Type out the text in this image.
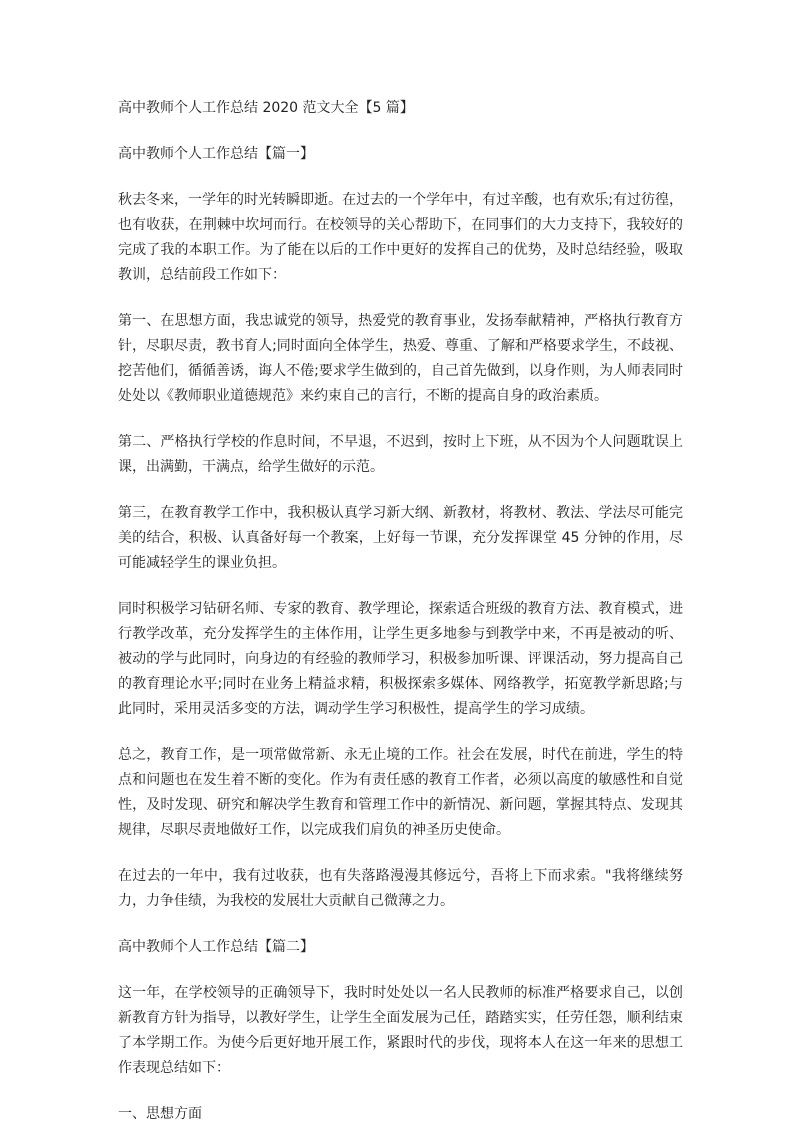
高中教师个人工作总结 2020 范文大全【5 篇】
高中教师个人工作总结【篇一】

秋去冬来，一学年的时光转瞬即逝。在过去的一个学年中，有过辛酸，也有欢乐;有过彷徨，也有收获，在荆棘中坎坷而行。在校领导的关心帮助下，在同事们的大力支持下，我较好的完成了我的本职工作。为了能在以后的工作中更好的发挥自己的优势，及时总结经验，吸取教训，总结前段工作如下：

第一、在思想方面，我忠诚党的领导，热爱党的教育事业，发扬奉献精神，严格执行教育方针，尽职尽责，教书育人;同时面向全体学生，热爱、尊重、了解和严格要求学生，不歧视、挖苦他们，循循善诱，诲人不倦;要求学生做到的，自己首先做到，以身作则，为人师表同时处处以《教师职业道德规范》来约束自己的言行，不断的提高自身的政治素质。

第二、严格执行学校的作息时间，不早退，不迟到，按时上下班，从不因为个人问题耽误上课，出满勤，干满点，给学生做好的示范。

第三，在教育教学工作中，我积极认真学习新大纲、新教材，将教材、教法、学法尽可能完美的结合，积极、认真备好每一个教案，上好每一节课，充分发挥课堂 45 分钟的作用，尽可能减轻学生的课业负担。

同时积极学习钻研名师、专家的教育、教学理论，探索适合班级的教育方法、教育模式，进行教学改革，充分发挥学生的主体作用，让学生更多地参与到教学中来，不再是被动的听、被动的学与此同时，向身边的有经验的教师学习，积极参加听课、评课活动，努力提高自己的教育理论水平;同时在业务上精益求精，积极探索多媒体、网络教学，拓宽教学新思路;与此同时，采用灵活多变的方法，调动学生学习积极性，提高学生的学习成绩。

总之，教育工作，是一项常做常新、永无止境的工作。社会在发展，时代在前进，学生的特点和问题也在发生着不断的变化。作为有责任感的教育工作者，必须以高度的敏感性和自觉性，及时发现、研究和解决学生教育和管理工作中的新情况、新问题，掌握其特点、发现其规律，尽职尽责地做好工作，以完成我们肩负的神圣历史使命。

在过去的一年中，我有过收获，也有失落路漫漫其修远兮，吾将上下而求索。"我将继续努力，力争佳绩，为我校的发展壮大贡献自己微薄之力。

高中教师个人工作总结【篇二】

这一年，在学校领导的正确领导下，我时时处处以一名人民教师的标准严格要求自己，以创新教育方针为指导，以教好学生，让学生全面发展为己任，踏踏实实，任劳任怨，顺利结束了本学期工作。为使今后更好地开展工作，紧跟时代的步伐，现将本人在这一年来的思想工作表现总结如下：

一、思想方面
